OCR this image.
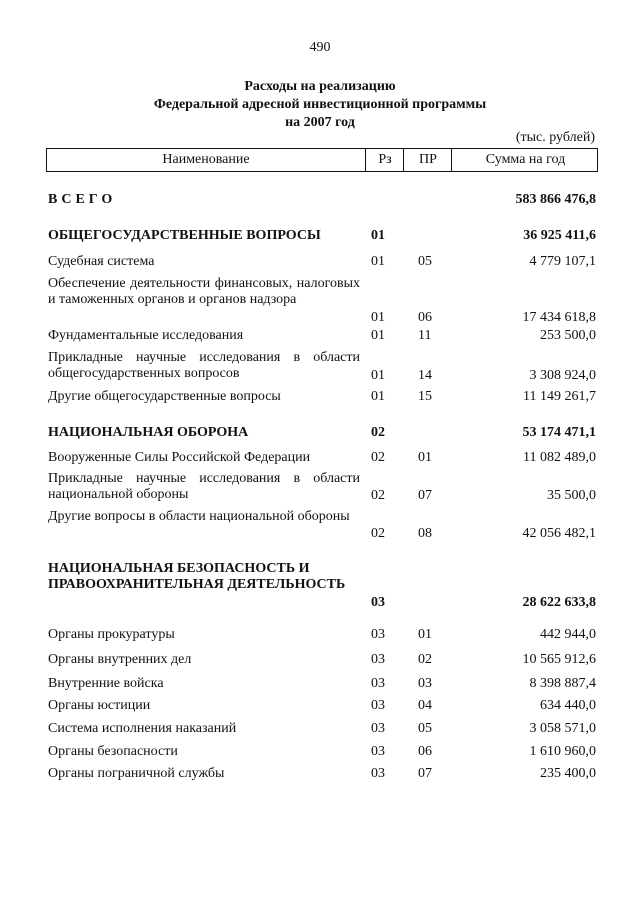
490
Расходы на реализацию
Федеральной адресной инвестиционной программы
на 2007 год
(тыс. рублей)
Наименование	Рз	ПР	Сумма на год
ВСЕГО	583 866 476,8
ОБЩЕГОСУДАРСТВЕННЫЕ ВОПРОСЫ	01	36 925 411,6
Судебная система	01	05	4 779 107,1
Обеспечение деятельности финансовых, налоговых и таможенных органов и органов надзора
01	06	17 434 618,8
Фундаментальные исследования	01	11	253 500,0
Прикладные научные исследования в области общегосударственных вопросов	01	14	3 308 924,0
Другие общегосударственные вопросы	01	15	11 149 261,7
НАЦИОНАЛЬНАЯ ОБОРОНА	02	53 174 471,1
Вооруженные Силы Российской Федерации	02	01	11 082 489,0
Прикладные научные исследования в области национальной обороны	02	07	35 500,0
Другие вопросы в области национальной обороны
02	08	42 056 482,1
НАЦИОНАЛЬНАЯ БЕЗОПАСНОСТЬ И ПРАВООХРАНИТЕЛЬНАЯ ДЕЯТЕЛЬНОСТЬ
03	28 622 633,8
Органы прокуратуры	03	01	442 944,0
Органы внутренних дел	03	02	10 565 912,6
Внутренние войска	03	03	8 398 887,4
Органы юстиции	03	04	634 440,0
Система исполнения наказаний	03	05	3 058 571,0
Органы безопасности	03	06	1 610 960,0
Органы пограничной службы	03	07	235 400,0
